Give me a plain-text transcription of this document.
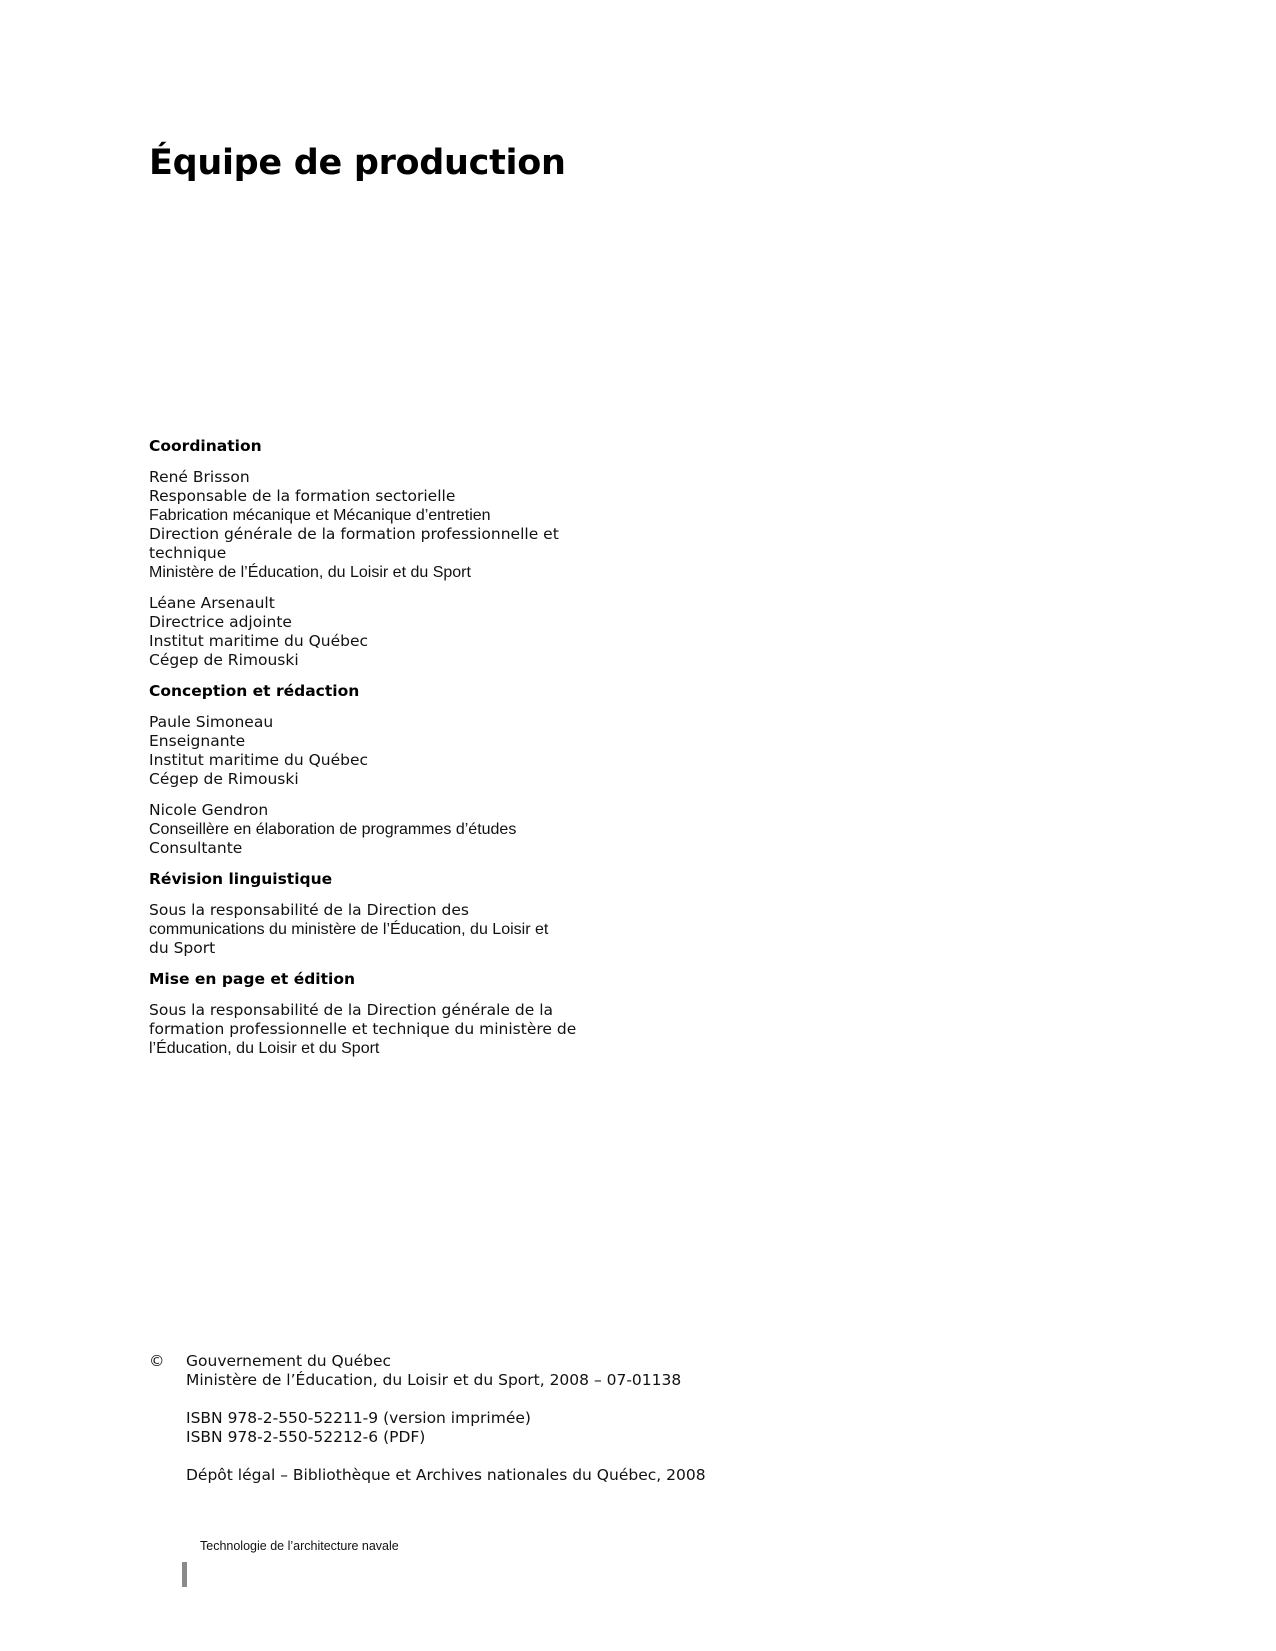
Équipe de production
Coordination
René Brisson
Responsable de la formation sectorielle
Fabrication mécanique et Mécanique d’entretien
Direction générale de la formation professionnelle et
technique
Ministère de l’Éducation, du Loisir et du Sport
Léane Arsenault
Directrice adjointe
Institut maritime du Québec
Cégep de Rimouski
Conception et rédaction
Paule Simoneau
Enseignante
Institut maritime du Québec
Cégep de Rimouski
Nicole Gendron
Conseillère en élaboration de programmes d’études
Consultante
Révision linguistique
Sous la responsabilité de la Direction des
communications du ministère de l’Éducation, du Loisir et
du Sport
Mise en page et édition
Sous la responsabilité de la Direction générale de la
formation professionnelle et technique du ministère de
l’Éducation, du Loisir et du Sport
© Gouvernement du Québec
Ministère de l’Éducation, du Loisir et du Sport, 2008 – 07-01138
ISBN 978-2-550-52211-9 (version imprimée)
ISBN 978-2-550-52212-6 (PDF)
Dépôt légal – Bibliothèque et Archives nationales du Québec, 2008
Technologie de l’architecture navale
